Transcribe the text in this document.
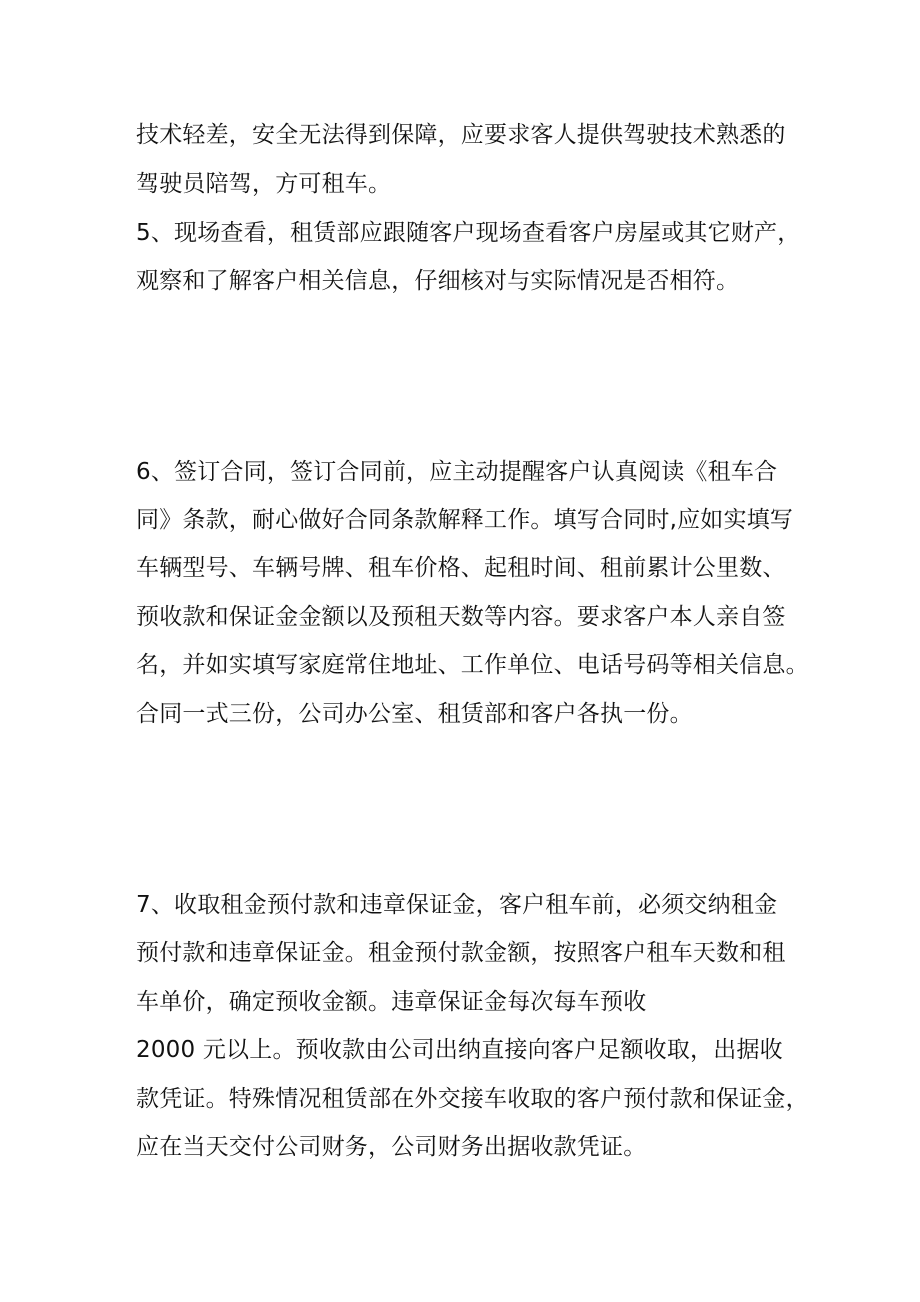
技术轻差，安全无法得到保障，应要求客人提供驾驶技术熟悉的
驾驶员陪驾，方可租车。
5、现场查看，租赁部应跟随客户现场查看客户房屋或其它财产，
观察和了解客户相关信息，仔细核对与实际情况是否相符。
6、签订合同，签订合同前，应主动提醒客户认真阅读《租车合
同》条款，耐心做好合同条款解释工作。填写合同时,应如实填写
车辆型号、车辆号牌、租车价格、起租时间、租前累计公里数、
预收款和保证金金额以及预租天数等内容。要求客户本人亲自签
名，并如实填写家庭常住地址、工作单位、电话号码等相关信息。
合同一式三份，公司办公室、租赁部和客户各执一份。
7、收取租金预付款和违章保证金，客户租车前，必须交纳租金
预付款和违章保证金。租金预付款金额，按照客户租车天数和租
车单价，确定预收金额。违章保证金每次每车预收
2000 元以上。预收款由公司出纳直接向客户足额收取，出据收
款凭证。特殊情况租赁部在外交接车收取的客户预付款和保证金，
应在当天交付公司财务，公司财务出据收款凭证。
